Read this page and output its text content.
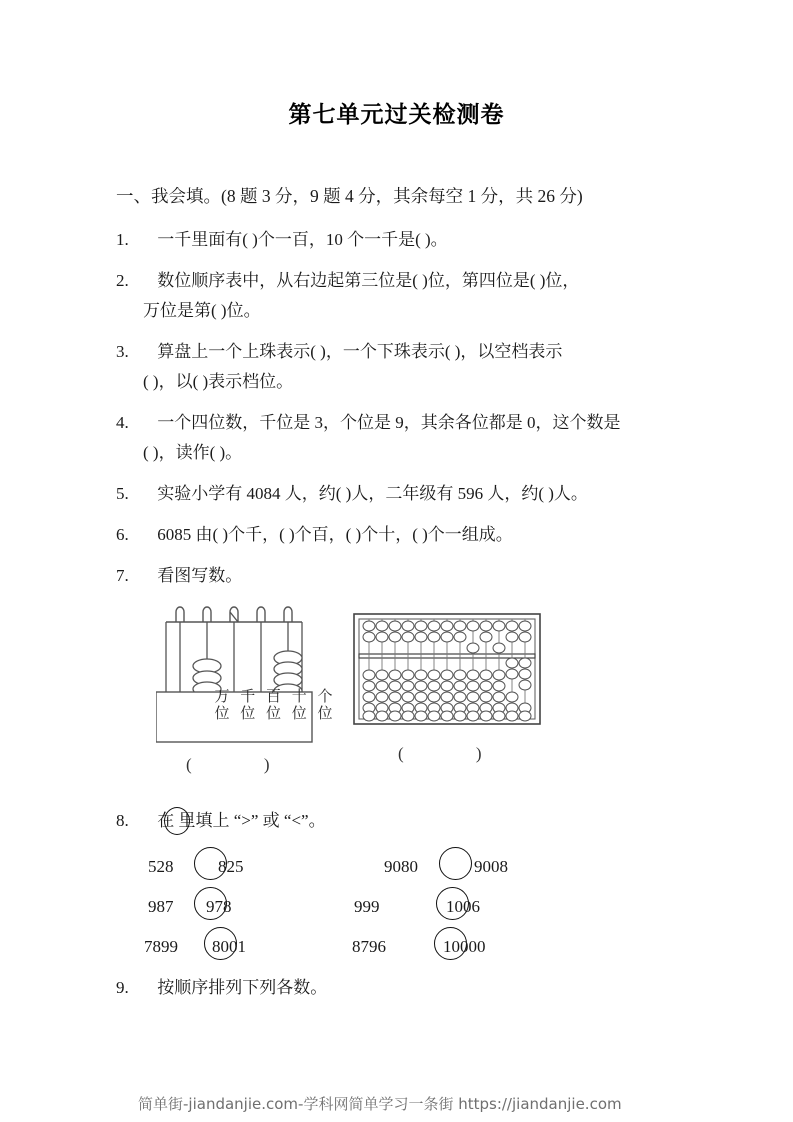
第七单元过关检测卷
一、我会填。(8 题 3 分，9 题 4 分，其余每空 1 分，共 26 分)
1. 一千里面有( )个一百，10 个一千是( )。
2. 数位顺序表中，从右边起第三位是( )位，第四位是( )位，
万位是第( )位。
3. 算盘上一个上珠表示( )，一个下珠表示( )，以空档表示
( )，以( )表示档位。
4. 一个四位数，千位是 3，个位是 9，其余各位都是 0，这个数是
( )，读作( )。
5. 实验小学有 4084 人，约( )人，二年级有 596 人，约( )人。
6. 6085 由( )个千，( )个百，( )个十，( )个一组成。
7. 看图写数。
万 千 百 十 个
位 位 位 位 位
( )
( )
8. 在 里填上 “>” 或 “<”。
528	825	9080	9008
987 978	999	1006
7899 8001	8796	10000
9. 按顺序排列下列各数。
简单街-jiandanjie.com-学科网简单学习一条街 https://jiandanjie.com
